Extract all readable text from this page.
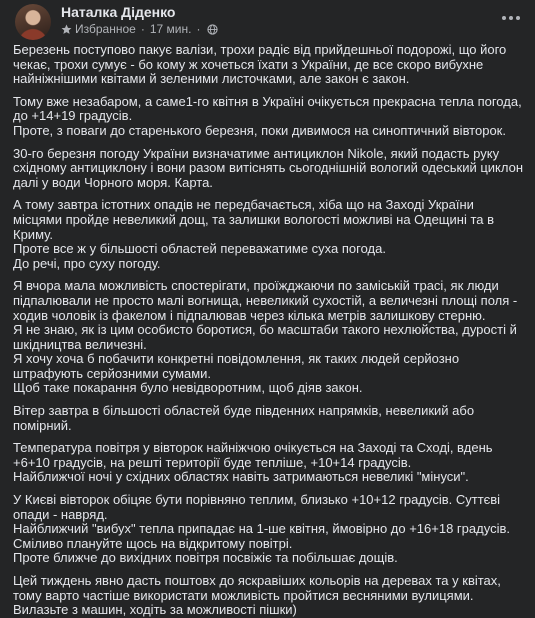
Наталка Діденко
Избранное · 17 мин. ·

Березень поступово пакує валізи, трохи радіє від прийдешньої подорожі, що його чекає, трохи сумує - бо кому ж хочеться їхати з України, де все скоро вибухне найніжнішими квітами й зеленими листочками, але закон є закон.

Тому вже незабаром, а саме1-го квітня в Україні очікується прекрасна тепла погода, до +14+19 градусів.
Проте, з поваги до старенького березня, поки дивимося на синоптичний вівторок.

30-го березня погоду України визначатиме антициклон Nikole, який подасть руку східному антициклону і вони разом витіснять сьогоднішній вологий одеський циклон далі у води Чорного моря. Карта.

А тому завтра істотних опадів не передбачається, хіба що на Заході України місцями пройде невеликий дощ, та залишки вологості можливі на Одещині та в Криму.
Проте все ж у більшості областей переважатиме суха погода.
До речі, про суху погоду.

Я вчора мала можливість спостерігати, проїжджаючи по заміській трасі, як люди підпалювали не просто малі вогнища, невеликий сухостій, а величезні площі поля - ходив чоловік із факелом і підпалював через кілька метрів залишкову стерню.
Я не знаю, як із цим особисто боротися, бо масштаби такого нехлюйства, дурості й шкідництва величезні.
Я хочу хоча б побачити конкретні повідомлення, як таких людей серйозно штрафують серйозними сумами.
Щоб таке покарання було невідворотним, щоб діяв закон.

Вітер завтра в більшості областей буде південних напрямків, невеликий або помірний.

Температура повітря у вівторок найніжчою очікується на Заході та Сході, вдень +6+10 градусів, на решті території буде тепліше, +10+14 градусів.
Найближчої ночі у східних областях навіть затримаються невеликі "мінуси".

У Києві вівторок обіцяє бути порівняно теплим, близько +10+12 градусів. Суттєві опади - навряд.
Найближчий "вибух" тепла припадає на 1-ше квітня, ймовірно до +16+18 градусів. Сміливо плануйте щось на відкритому повітрі.
Проте ближче до вихідних повітря посвіжіє та побільшає дощів.

Цей тиждень явно дасть поштовх до яскравіших кольорів на деревах та у квітах, тому варто частіше використати можливість пройтися весняними вулицями.
Вилазьте з машин, ходіть за можливості пішки)
